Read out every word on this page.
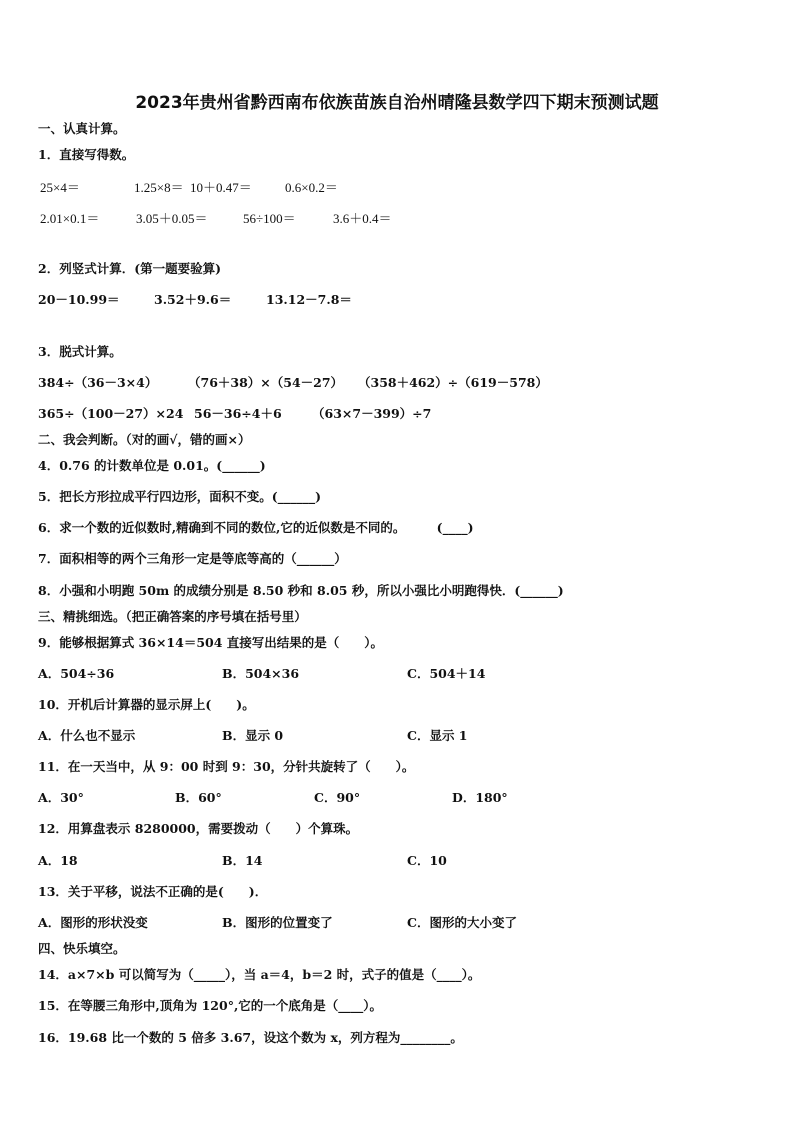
2023年贵州省黔西南布依族苗族自治州晴隆县数学四下期末预测试题
一、认真计算。
1．直接写得数。
25×4＝	1.25×8＝ 10＋0.47＝	0.6×0.2＝
2.01×0.1＝	3.05＋0.05＝	56÷100＝	3.6＋0.4＝
2．列竖式计算．(第一题要验算)
20－10.99＝	3.52＋9.6＝	13.12－7.8＝
3．脱式计算。
384÷（36－3×4） （76＋38）×（54－27） （358＋462）÷（619－578）
365÷（100－27）×24 56－36÷4＋6 （63×7－399）÷7
二、我会判断。（对的画√，错的画×）
4．0.76 的计数单位是 0.01。(______)
5．把长方形拉成平行四边形，面积不变。(______)
6．求一个数的近似数时,精确到不同的数位,它的近似数是不同的。　　　(____)
7．面积相等的两个三角形一定是等底等高的（______）
8．小强和小明跑 50m 的成绩分别是 8.50 秒和 8.05 秒，所以小强比小明跑得快．(______)
三、精挑细选。（把正确答案的序号填在括号里）
9．能够根据算式 36×14＝504 直接写出结果的是（　　）。
A．504÷36	B．504×36	C．504＋14
10．开机后计算器的显示屏上(　　)。
A．什么也不显示	B．显示 0	C．显示 1
11．在一天当中，从 9：00 时到 9：30，分针共旋转了（　　）。
A．30°	B．60°	C．90°	D．180°
12．用算盘表示 8280000，需要拨动（　　）个算珠。
A．18	B．14	C．10
13．关于平移，说法不正确的是(　　)．
A．图形的形状没变	B．图形的位置变了	C．图形的大小变了
四、快乐填空。
14．a×7×b 可以简写为（_____），当 a＝4，b＝2 时，式子的值是（____）。
15．在等腰三角形中,顶角为 120°,它的一个底角是（____）。
16．19.68 比一个数的 5 倍多 3.67，设这个数为 x，列方程为________。
